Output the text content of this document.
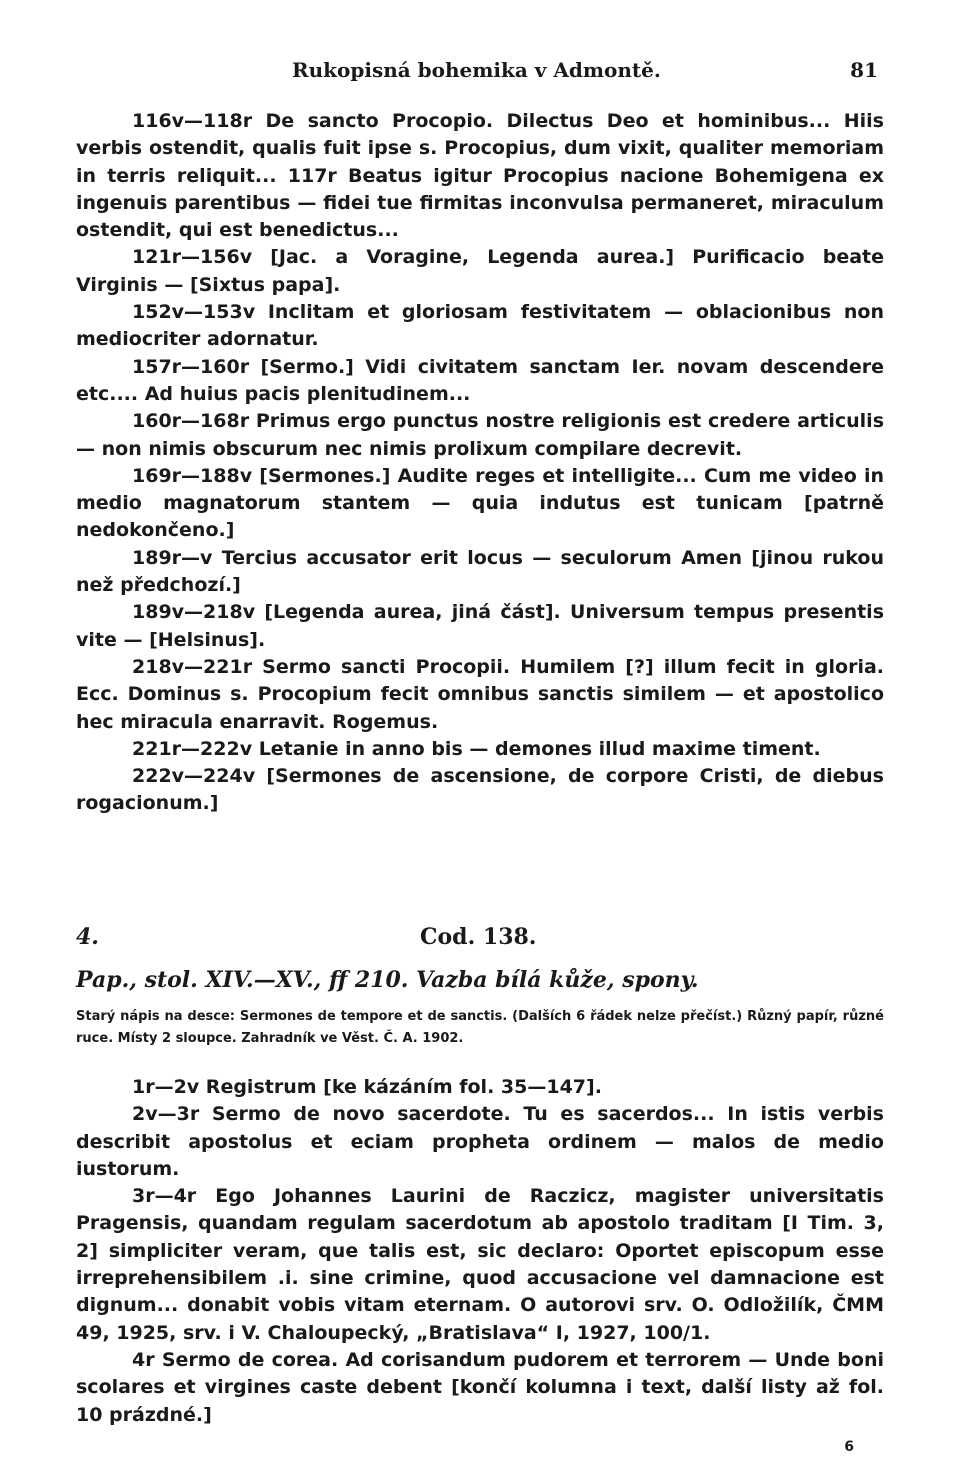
Rukopisná bohemika v Admontě.	81

116v—118r De sancto Procopio. Dilectus Deo et hominibus... Hiis verbis ostendit, qualis fuit ipse s. Procopius, dum vixit, qualiter memoriam in terris reliquit... 117r Beatus igitur Procopius nacione Bohemigena ex ingenuis parentibus — fidei tue firmitas inconvulsa permaneret, miraculum ostendit, qui est benedictus...

121r—156v [Jac. a Voragine, Legenda aurea.] Purificacio beate Virginis — [Sixtus papa].

152v—153v Inclitam et gloriosam festivitatem — oblacionibus non mediocriter adornatur.

157r—160r [Sermo.] Vidi civitatem sanctam Ier. novam descendere etc.... Ad huius pacis plenitudinem...

160r—168r Primus ergo punctus nostre religionis est credere articulis — non nimis obscurum nec nimis prolixum compilare decrevit.

169r—188v [Sermones.] Audite reges et intelligite... Cum me video in medio magnatorum stantem — quia indutus est tunicam [patrně nedokončeno.]

189r—v Tercius accusator erit locus — seculorum Amen [jinou rukou než předchozí.]

189v—218v [Legenda aurea, jiná část]. Universum tempus presentis vite — [Helsinus].

218v—221r Sermo sancti Procopii. Humilem [?] illum fecit in gloria. Ecc. Dominus s. Procopium fecit omnibus sanctis similem — et apostolico hec miracula enarravit. Rogemus.

221r—222v Letanie in anno bis — demones illud maxime timent.

222v—224v [Sermones de ascensione, de corpore Cristi, de diebus rogacionum.]

4.	Cod. 138.
Pap., stol. XIV.—XV., ff 210. Vazba bílá kůže, spony.
Starý nápis na desce: Sermones de tempore et de sanctis. (Dalších 6 řádek nelze přečíst.) Různý papír, různé ruce. Místy 2 sloupce. Zahradník ve Věst. Č. A. 1902.

1r—2v Registrum [ke kázáním fol. 35—147].

2v—3r Sermo de novo sacerdote. Tu es sacerdos... In istis verbis describit apostolus et eciam propheta ordinem — malos de medio iustorum.

3r—4r Ego Johannes Laurini de Raczicz, magister universitatis Pragensis, quandam regulam sacerdotum ab apostolo traditam [I Tim. 3, 2] simpliciter veram, que talis est, sic declaro: Oportet episcopum esse irreprehensibilem .i. sine crimine, quod accusacione vel damnacione est dignum... donabit vobis vitam eternam. O autorovi srv. O. Odložilík, ČMM 49, 1925, srv. i V. Chaloupecký, „Bratislava“ I, 1927, 100/1.

4r Sermo de corea. Ad corisandum pudorem et terrorem — Unde boni scolares et virgines caste debent [končí kolumna i text, další listy až fol. 10 prázdné.]

6
